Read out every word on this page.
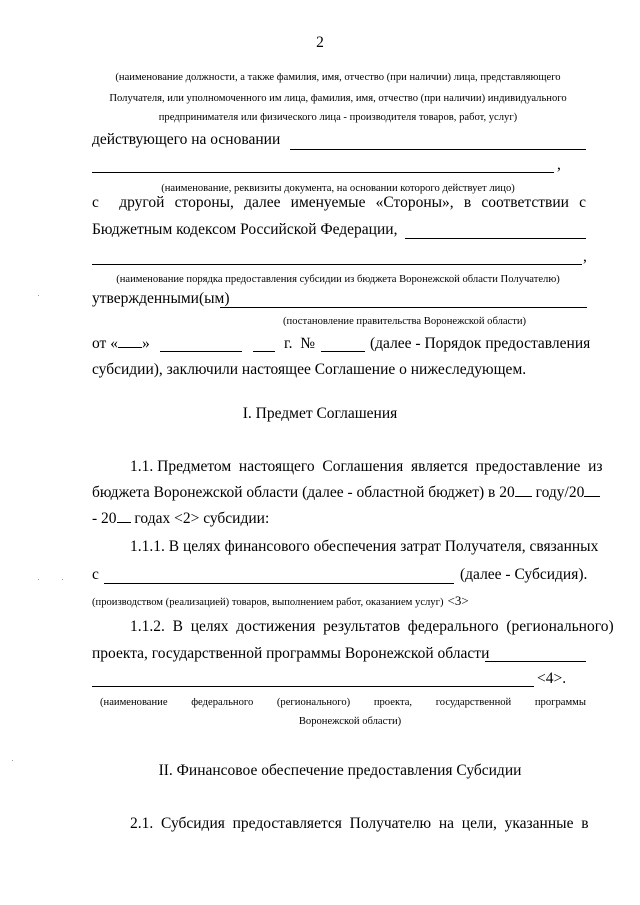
2
(наименование должности, а также фамилия, имя, отчество (при наличии) лица, представляющего
Получателя, или уполномоченного им лица, фамилия, имя, отчество (при наличии) индивидуального
предпринимателя или физического лица - производителя товаров, работ, услуг)
действующего на основании
,
(наименование, реквизиты документа, на основании которого действует лицо)
с    другой  стороны,  далее  именуемые  «Стороны»,  в  соответствии  с
Бюджетным кодексом Российской Федерации,
,
(наименование порядка предоставления субсидии из бюджета Воронежской области Получателю)
утвержденными(ым)
(постановление правительства Воронежской области)
от « »	г.  №	(далее - Порядок предоставления
субсидии), заключили настоящее Соглашение о нижеследующем.
I. Предмет Соглашения
1.1. Предметом  настоящего  Соглашения  является  предоставление  из
бюджета Воронежской области (далее - областной бюджет) в 20 году/20
- 20 годах <2> субсидии:
1.1.1. В целях финансового обеспечения затрат Получателя, связанных
с	(далее - Субсидия).
(производством (реализацией) товаров, выполнением работ, оказанием услуг) <3>
1.1.2.  В  целях  достижения  результатов  федерального  (регионального)
проекта, государственной программы Воронежской области
<4>.
(наименование федерального (регионального) проекта, государственной программы
Воронежской области)
II. Финансовое обеспечение предоставления Субсидии
2.1.  Субсидия  предоставляется  Получателю  на  цели,  указанные  в
